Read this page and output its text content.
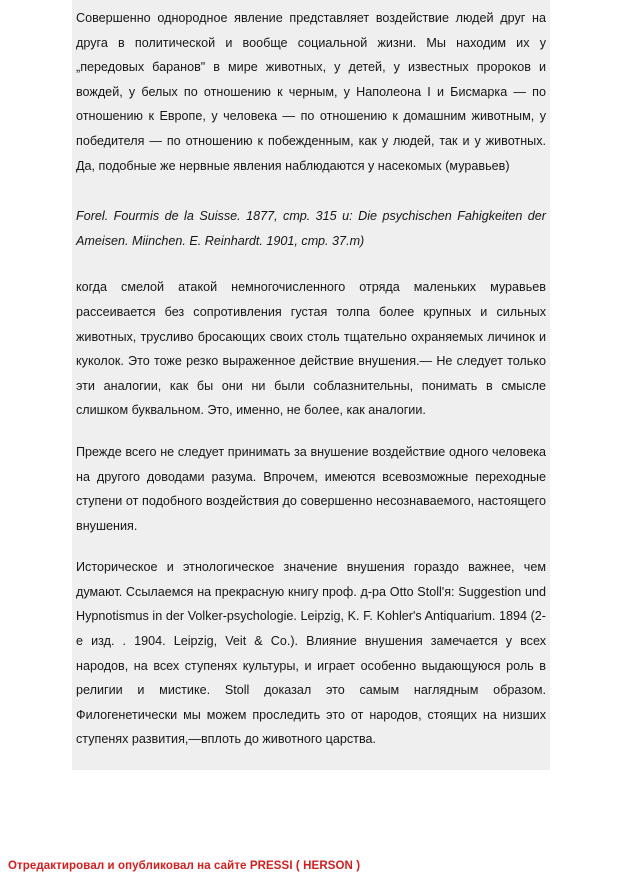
Совершенно однородное явление представляет воздействие людей друг на друга в политической и вообще социальной жизни. Мы находим их у „передовых баранов" в мире животных, у детей, у известных пророков и вождей, у белых по отношению к черным, у Наполеона I и Бисмарка — по отношению к Европе, у человека — по отношению к домашним животным, у победителя — по отношению к побежденным, как у людей, так и у животных. Да, подобные же нервные явления наблюдаются у насекомых (муравьев)

Forel. Fourmis de la Suisse. 1877, стр. 315 u: Die psychischen Fahigkeiten der Ameisen. Miinchen. E. Reinhardt. 1901, стр. 37.m)

когда смелой атакой немногочисленного отряда маленьких муравьев рассеивается без сопротивления густая толпа более крупных и сильных животных, трусливо бросающих своих столь тщательно охраняемых личинок и куколок. Это тоже резко выраженное действие внушения.— Не следует только эти аналогии, как бы они ни были соблазнительны, понимать в смысле слишком буквальном. Это, именно, не более, как аналогии.

Прежде всего не следует принимать за внушение воздействие одного человека на другого доводами разума. Впрочем, имеются всевозможные переходные ступени от подобного воздействия до совершенно несознаваемого, настоящего внушения.

Историческое и этнологическое значение внушения гораздо важнее, чем думают. Ссылаемся на прекрасную книгу проф. д-ра Otto Stoll'я: Suggestion und Hypnotismus in der Volker-psychologie. Leipzig, K. F. Kohler's Antiquarium. 1894 (2-е изд. . 1904. Leipzig, Veit & Co.). Влияние внушения замечается у всех народов, на всех ступенях культуры, и играет особенно выдающуюся роль в религии и мистике. Stoll доказал это самым наглядным образом. Филогенетически мы можем проследить это от народов, стоящих на низших ступенях развития,—вплоть до животного царства.

Отредактировал и опубликовал на сайте PRESSI ( HERSON )
